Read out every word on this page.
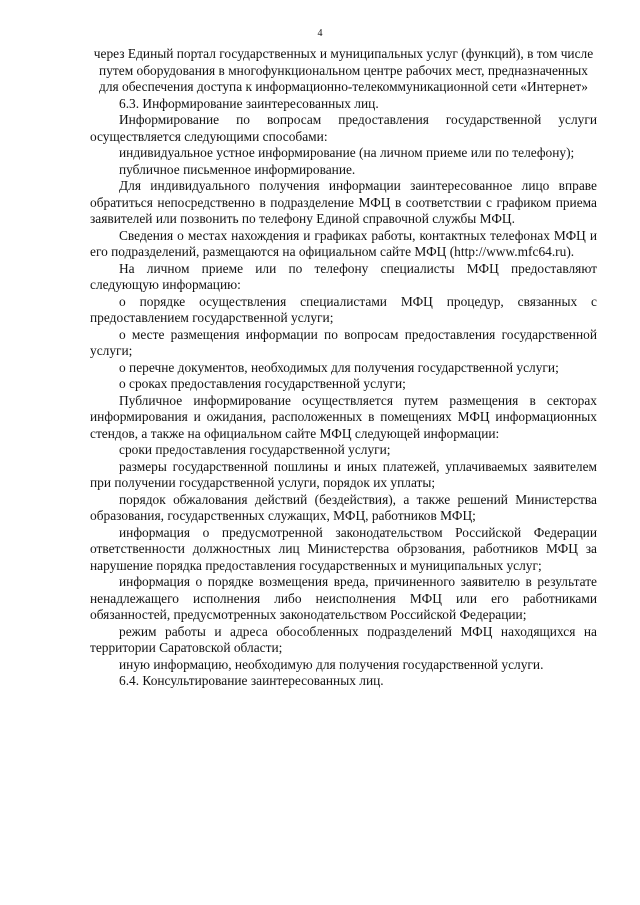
4

через Единый портал государственных и муниципальных услуг (функций), в том числе путем оборудования в многофункциональном центре рабочих мест, предназначенных для обеспечения доступа к информационно-телекоммуникационной сети «Интернет»

6.3. Информирование заинтересованных лиц.

Информирование по вопросам предоставления государственной услуги осуществляется следующими способами:

индивидуальное устное информирование (на личном приеме или по телефону);

публичное письменное информирование.

Для индивидуального получения информации заинтересованное лицо вправе обратиться непосредственно в подразделение МФЦ в соответствии с графиком приема заявителей или позвонить по телефону Единой справочной службы МФЦ.

Сведения о местах нахождения и графиках работы, контактных телефонах МФЦ и его подразделений, размещаются на официальном сайте МФЦ (http://www.mfc64.ru).

На личном приеме или по телефону специалисты МФЦ предоставляют следующую информацию:

о порядке осуществления специалистами МФЦ процедур, связанных с предоставлением государственной услуги;

о месте размещения информации по вопросам предоставления государственной услуги;

о перечне документов, необходимых для получения государственной услуги;

о сроках предоставления государственной услуги;

Публичное информирование осуществляется путем размещения в секторах информирования и ожидания, расположенных в помещениях МФЦ информационных стендов, а также на официальном сайте МФЦ следующей информации:

сроки предоставления государственной услуги;

размеры государственной пошлины и иных платежей, уплачиваемых заявителем при получении государственной услуги, порядок их уплаты;

порядок обжалования действий (бездействия), а также решений Министерства образования, государственных служащих, МФЦ, работников МФЦ;

информация о предусмотренной законодательством Российской Федерации ответственности должностных лиц Министерства обрзования, работников МФЦ за нарушение порядка предоставления государственных и муниципальных услуг;

информация о порядке возмещения вреда, причиненного заявителю в результате ненадлежащего исполнения либо неисполнения МФЦ или его работниками обязанностей, предусмотренных законодательством Российской Федерации;

режим работы и адреса обособленных подразделений МФЦ находящихся на территории Саратовской области;

иную информацию, необходимую для получения государственной услуги.

6.4. Консультирование заинтересованных лиц.
